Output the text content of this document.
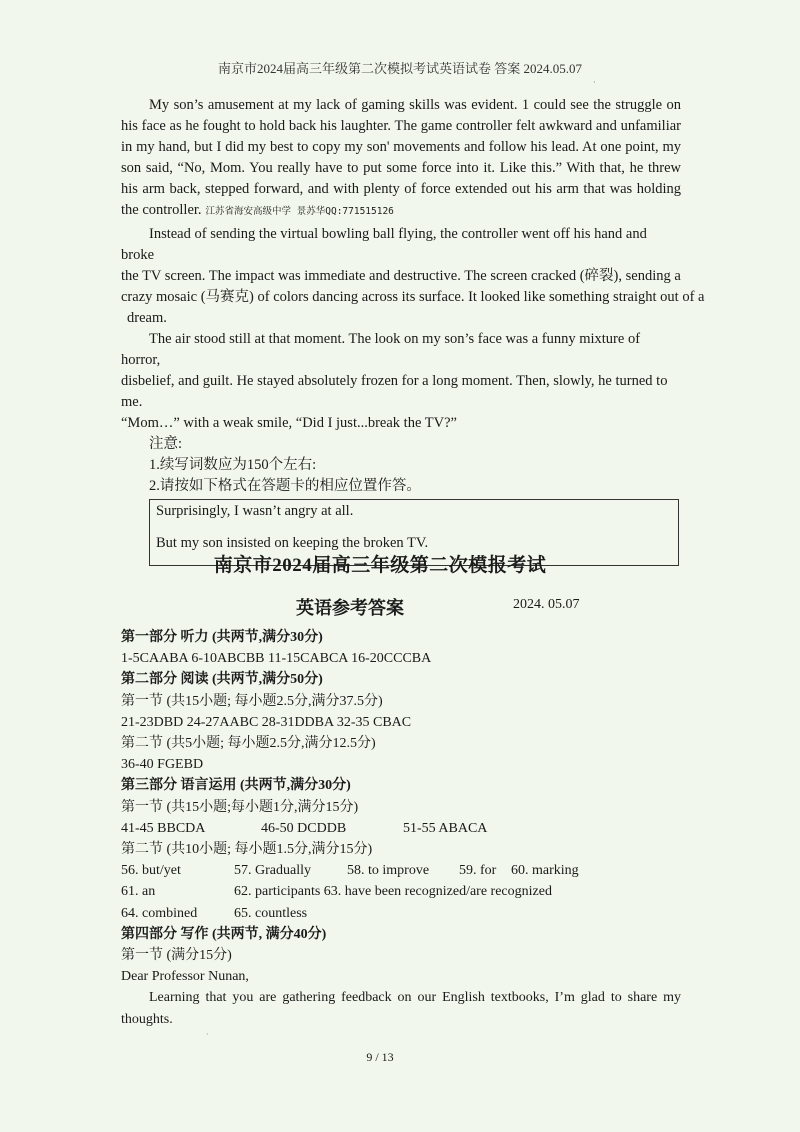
南京市2024届高三年级第二次模拟考试英语试卷 答案 2024.05.07
·

My son’s amusement at my lack of gaming skills was evident. 1 could see the struggle on his face as he fought to hold back his laughter. The game controller felt awkward and unfamiliar in my hand, but I did my best to copy my son' movements and follow his lead. At one point, my son said, “No, Mom. You really have to put some force into it. Like this.” With that, he threw his arm back, stepped forward, and with plenty of force extended out his arm that was holding the controller. 江苏省海安高级中学 景苏华QQ:771515126

Instead of sending the virtual bowling ball flying, the controller went off his hand and broke

the TV screen. The impact was immediate and destructive. The screen cracked (碎裂), sending a

crazy mosaic (马赛克) of colors dancing across its surface. It looked like something straight out of a

dream.

The air stood still at that moment. The look on my son’s face was a funny mixture of horror,

disbelief, and guilt. He stayed absolutely frozen for a long moment. Then, slowly, he turned to me.

“Mom…” with a weak smile, “Did I just...break the TV?”

注意:

1.续写词数应为150个左右:

2.请按如下格式在答题卡的相应位置作答。

Surprisingly, I wasn’t angry at all.

But my son insisted on keeping the broken TV.

南京市2024届高三年级第二次模报考试
英语参考答案	2024. 05.07

第一部分 听力 (共两节,满分30分)

1-5CAABA 6-10ABCBB 11-15CABCA 16-20CCCBA

第二部分 阅读 (共两节,满分50分)

第一节 (共15小题; 每小题2.5分,满分37.5分)

21-23DBD 24-27AABC 28-31DDBA 32-35 CBAC

第二节 (共5小题; 每小题2.5分,满分12.5分)

36-40 FGEBD

第三部分 语言运用 (共两节,满分30分)

第一节 (共15小题;每小题1分,满分15分)

41-45 BBCDA	46-50 DCDDB	51-55 ABACA

第二节 (共10小题; 每小题1.5分,满分15分)

56. but/yet	57. Gradually	58. to improve 59. for 60. marking

61. an	62. participants 63. have been recognized/are recognized

64. combined	65. countless

第四部分 写作 (共两节, 满分40分)

第一节 (满分15分)

Dear Professor Nunan,

Learning that you are gathering feedback on our English textbooks, I’m glad to share my thoughts.

·
9 / 13
